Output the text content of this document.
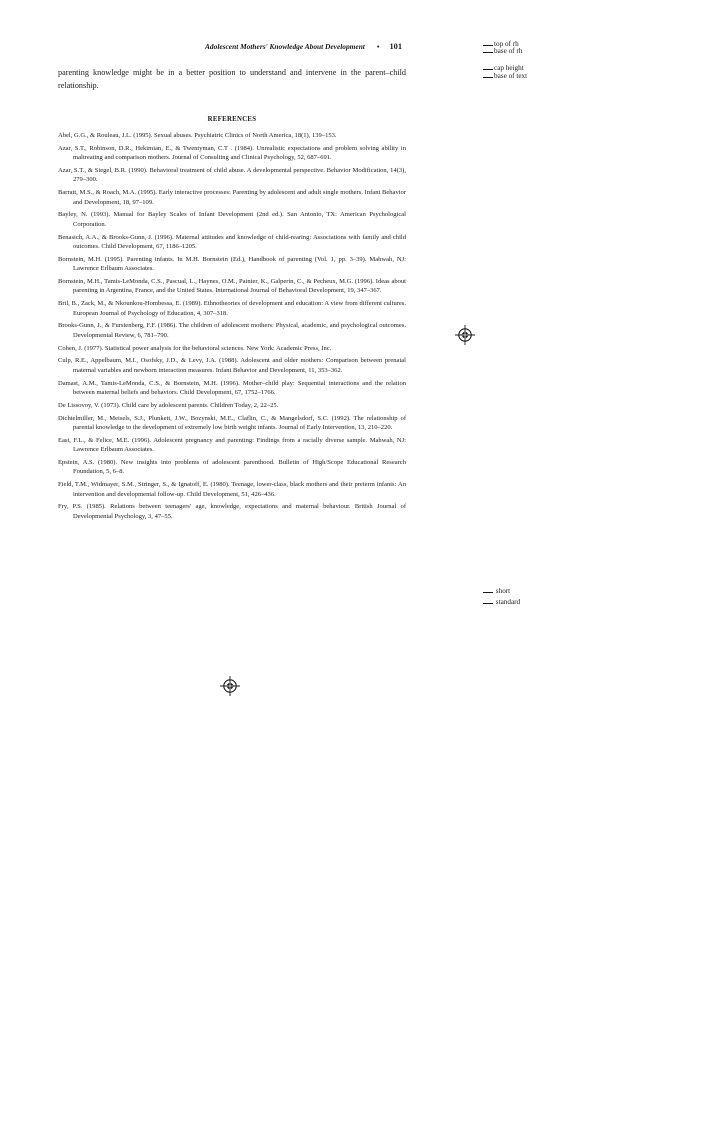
Adolescent Mothers' Knowledge About Development • 101	top of rh
base of rh
cap height
base of text
short
standard

parenting knowledge might be in a better position to understand and intervene in the parent–child relationship.

REFERENCES
Abel, G.G., & Rouleau, J.L. (1995). Sexual abuses. Psychiatric Clinics of North America, 18(1), 139–153.
Azar, S.T., Robinson, D.R., Hekimian, E., & Twentyman, C.T . (1984). Unrealistic expectations and problem solving ability in maltreating and comparison mothers. Journal of Consulting and Clinical Psychology, 52, 687–691.
Azar, S.T., & Siegel, B.R. (1990). Behavioral treatment of child abuse. A developmental perspective. Behavior Modification, 14(3), 279–300.
Barratt, M.S., & Roach, M.A. (1995). Early interactive processes: Parenting by adolescent and adult single mothers. Infant Behavior and Development, 18, 97–109.
Bayley, N. (1993). Manual for Bayley Scales of Infant Development (2nd ed.). San Antonio, TX: American Psychological Corporation.
Benasich, A.A., & Brooks-Gunn, J. (1996). Maternal attitudes and knowledge of child-rearing: Associations with family and child outcomes. Child Development, 67, 1186–1205.
Bornstein, M.H. (1995). Parenting infants. In M.H. Bornstein (Ed.), Handbook of parenting (Vol. 1, pp. 3–39). Mahwah, NJ: Lawrence Erlbaum Associates.
Bornstein, M.H., Tamis-LeMonda, C.S., Pascual, L., Haynes, O.M., Painter, K., Galperin, C., & Pecheux, M.G. (1996). Ideas about parenting in Argentina, France, and the United States. International Journal of Behavioral Development, 19, 347–367.
Bril, B., Zack, M., & Nkounkou-Hombessa, E. (1989). Ethnotheories of development and education: A view from different cultures. European Journal of Psychology of Education, 4, 307–318.
Brooks-Gunn, J., & Furstenberg, F.F. (1986). The children of adolescent mothers: Physical, academic, and psychological outcomes. Developmental Review, 6, 781–790.
Cohen, J. (1977). Statistical power analysis for the behavioral sciences. New York: Academic Press, Inc.
Culp, R.E., Appelbaum, M.I., Osofsky, J.D., & Levy, J.A. (1988). Adolescent and older mothers: Comparison between prenatal maternal variables and newborn interaction measures. Infant Behavior and Development, 11, 353–362.
Damast, A.M., Tamis-LeMonda, C.S., & Bornstein, M.H. (1996). Mother–child play: Sequential interactions and the relation between maternal beliefs and behaviors. Child Development, 67, 1752–1766.
De Lissovoy, V. (1973). Child care by adolescent parents. Children Today, 2, 22–25.
Dichtelmiller, M., Meisels, S.J., Plunkett, J.W., Bozynski, M.E., Claflin, C., & Mangelsdorf, S.C. (1992). The relationship of parental knowledge to the development of extremely low birth weight infants. Journal of Early Intervention, 13, 210–220.
East, F.L., & Felice, M.E. (1996). Adolescent pregnancy and parenting: Findings from a racially diverse sample. Mahwah, NJ: Lawrence Erlbaum Associates.
Epstein, A.S. (1980). New insights into problems of adolescent parenthood. Bulletin of High/Scope Educational Research Foundation, 5, 6–8.
Field, T.M., Widmayer, S.M., Stringer, S., & Ignatoff, E. (1980). Teenage, lower-class, black mothers and their preterm infants: An intervention and developmental follow-up. Child Development, 51, 426–436.
Fry, P.S. (1985). Relations between teenagers' age, knowledge, expectations and maternal behaviour. British Journal of Developmental Psychology, 3, 47–55.
